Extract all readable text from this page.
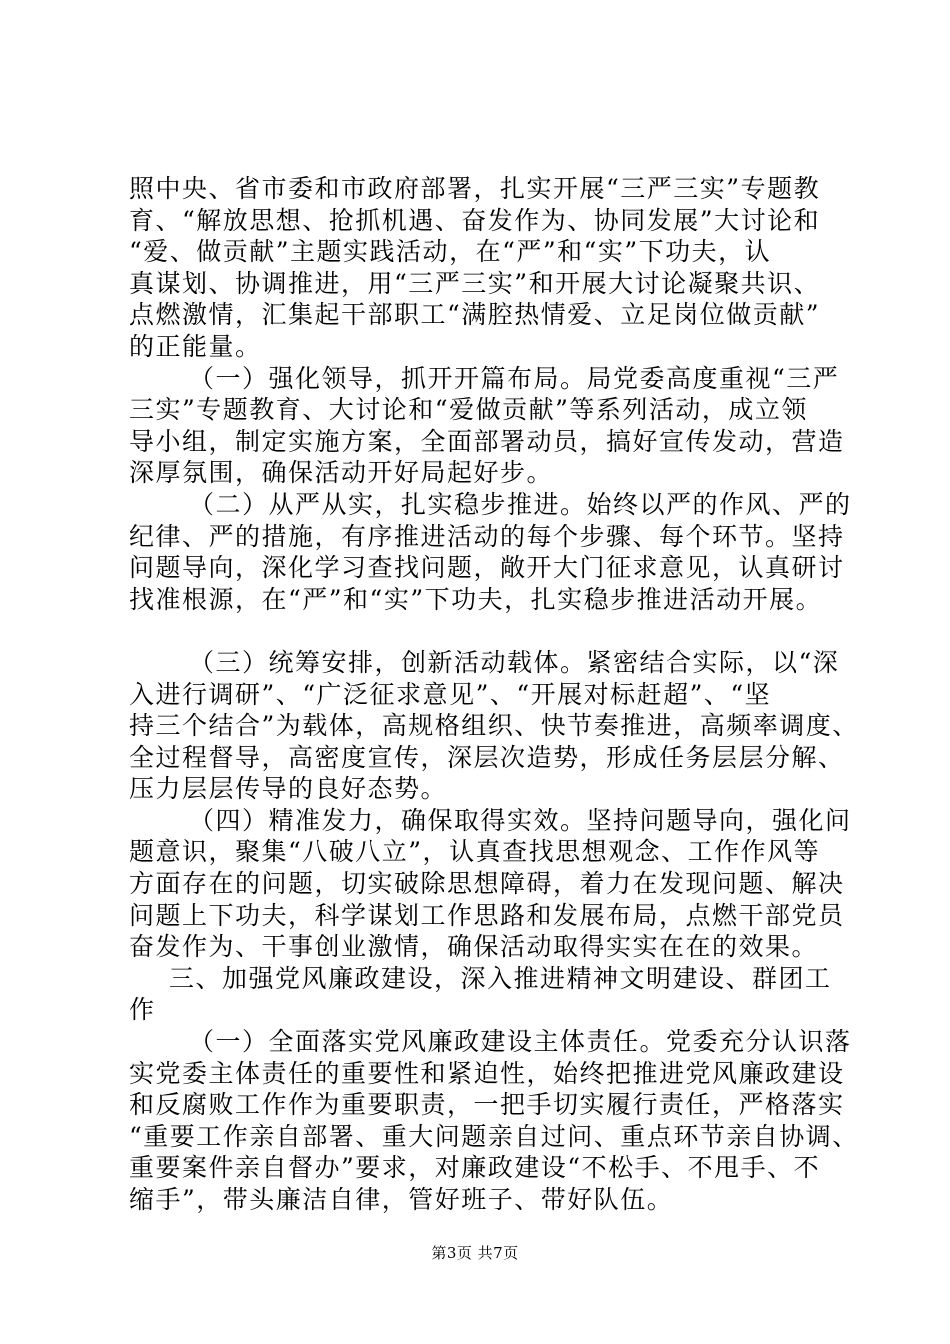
照中央、省市委和市政府部署，扎实开展“三严三实”专题教
育、“解放思想、抢抓机遇、奋发作为、协同发展”大讨论和
“爱、做贡献”主题实践活动，在“严”和“实”下功夫，认
真谋划、协调推进，用“三严三实”和开展大讨论凝聚共识、
点燃激情，汇集起干部职工“满腔热情爱、立足岗位做贡献”
的正能量。
（一）强化领导，抓开开篇布局。局党委高度重视“三严
三实”专题教育、大讨论和“爱做贡献”等系列活动，成立领
导小组，制定实施方案，全面部署动员，搞好宣传发动，营造
深厚氛围，确保活动开好局起好步。
（二）从严从实，扎实稳步推进。始终以严的作风、严的
纪律、严的措施，有序推进活动的每个步骤、每个环节。坚持
问题导向，深化学习查找问题，敞开大门征求意见，认真研讨
找准根源，在“严”和“实”下功夫，扎实稳步推进活动开展。
（三）统筹安排，创新活动载体。紧密结合实际，以“深
入进行调研”、“广泛征求意见”、“开展对标赶超”、“坚
持三个结合”为载体，高规格组织、快节奏推进，高频率调度、
全过程督导，高密度宣传，深层次造势，形成任务层层分解、
压力层层传导的良好态势。
（四）精准发力，确保取得实效。坚持问题导向，强化问
题意识，聚集“八破八立”，认真查找思想观念、工作作风等
方面存在的问题，切实破除思想障碍，着力在发现问题、解决
问题上下功夫，科学谋划工作思路和发展布局，点燃干部党员
奋发作为、干事创业激情，确保活动取得实实在在的效果。
三、加强党风廉政建设，深入推进精神文明建设、群团工
作
（一）全面落实党风廉政建设主体责任。党委充分认识落
实党委主体责任的重要性和紧迫性，始终把推进党风廉政建设
和反腐败工作作为重要职责，一把手切实履行责任，严格落实
“重要工作亲自部署、重大问题亲自过问、重点环节亲自协调、
重要案件亲自督办”要求，对廉政建设“不松手、不甩手、不
缩手”，带头廉洁自律，管好班子、带好队伍。
第3页 共7页
